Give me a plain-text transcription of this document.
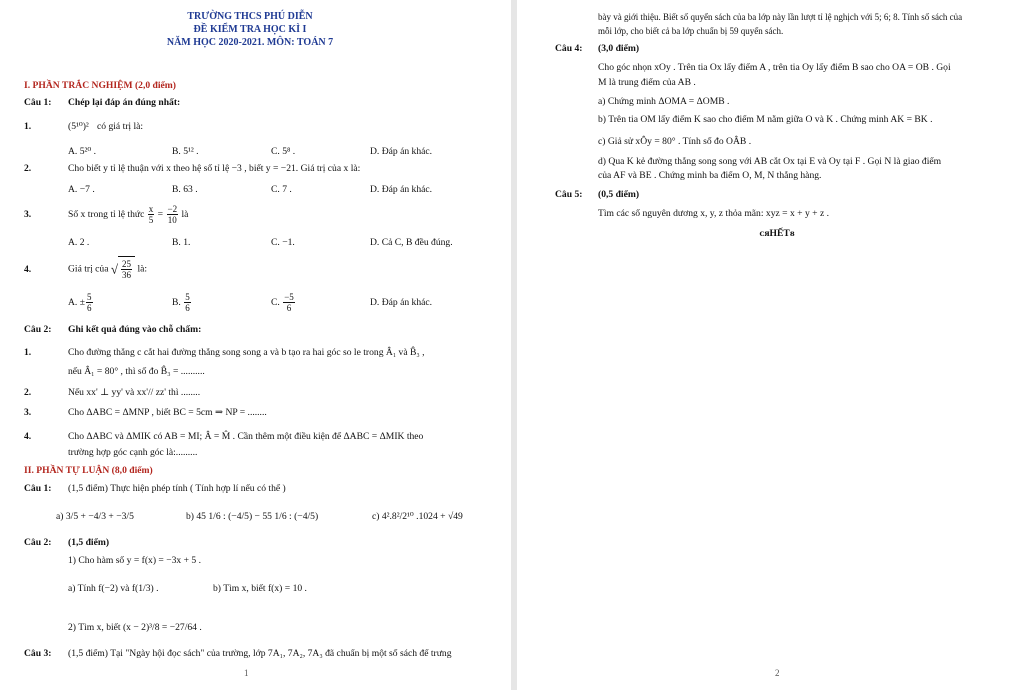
TRƯỜNG THCS PHÚ DIỄN
ĐỀ KIỂM TRA HỌC KÌ I
NĂM HỌC 2020-2021. MÔN: TOÁN 7
I. PHẦN TRẮC NGHIỆM (2,0 điểm)
Câu 1: Chép lại đáp án đúng nhất:
1.	(5¹⁰)² có giá trị là:
A. 5²⁰ .	B. 5¹² .	C. 5⁸ .	D. Đáp án khác.
2.	Cho biết y tỉ lệ thuận với x theo hệ số tỉ lệ −3 , biết y = −21. Giá trị của x là:
A. −7 .	B. 63 .	C. 7 .	D. Đáp án khác.
3.	Số x trong tỉ lệ thức $\frac{x}{5} = \frac{-2}{10}$ là
A. 2 .	B. 1.	C. −1.	D. Cả C, B đều đúng.
4.	Giá trị của √ $\frac{25}{36}$ là:
A. ± $\frac{5}{6}$	B. $\frac{5}{6}$	C. $\frac{-5}{6}$	D. Đáp án khác.
Câu 2: Ghi kết quả đúng vào chỗ chấm:
1.	Cho đường thẳng c cắt hai đường thẳng song song a và b tạo ra hai góc so le trong Â₁ và B̂₃ ,
nếu Â₁ = 80° , thì số đo B̂₃ = ..........
2.	Nếu xx' ⊥ yy' và xx'// zz' thì ........
3.	Cho ΔABC = ΔMNP , biết BC = 5cm ⇒ NP = ........
4.	Cho ΔABC và ΔMIK có AB = MI; Â = M̂ . Cần thêm một điều kiện để ΔABC = ΔMIK theo
trường hợp góc cạnh góc là:.........
II. PHẦN TỰ LUẬN (8,0 điểm)
Câu 1: (1,5 điểm) Thực hiện phép tính ( Tính hợp lí nếu có thể )
a) 3/5 + −4/3 + −3/5	b) 45 1/6 : (−4/5) − 55 1/6 : (−4/5)	c) 4².8²/2¹⁰ .1024 + √49
Câu 2: (1,5 điểm)
1) Cho hàm số y = f(x) = −3x + 5 .
a) Tính f(−2) và f(1/3) .	b) Tìm x, biết f(x) = 10 .
2) Tìm x, biết (x − 2)³/8 = −27/64 .
Câu 3: (1,5 điểm) Tại "Ngày hội đọc sách" của trường, lớp 7A₁, 7A₂, 7A₃ đã chuẩn bị một số sách để trưng
1
bày và giới thiệu. Biết số quyển sách của ba lớp này lần lượt tỉ lệ nghịch với 5; 6; 8. Tính số sách của
mỗi lớp, cho biết cả ba lớp chuẩn bị 59 quyển sách.
Câu 4: (3,0 điểm)
Cho góc nhọn xOy . Trên tia Ox lấy điểm A , trên tia Oy lấy điểm B sao cho OA = OB . Gọi
M là trung điểm của AB .
a) Chứng minh ΔOMA = ΔOMB .
b) Trên tia OM lấy điểm K sao cho điểm M nằm giữa O và K . Chứng minh AK = BK .
c) Giả sử xÔy = 80° . Tính số đo OÂB .
d) Qua K kẻ đường thẳng song song với AB cắt Ox tại E và Oy tại F . Gọi N là giao điểm
của AF và BE . Chứng minh ba điểm O, M, N thẳng hàng.
Câu 5: (0,5 điểm)
Tìm các số nguyên dương x, y, z thỏa mãn: xyz = x + y + z .
ᴄᴙHẾTᴕ
2
